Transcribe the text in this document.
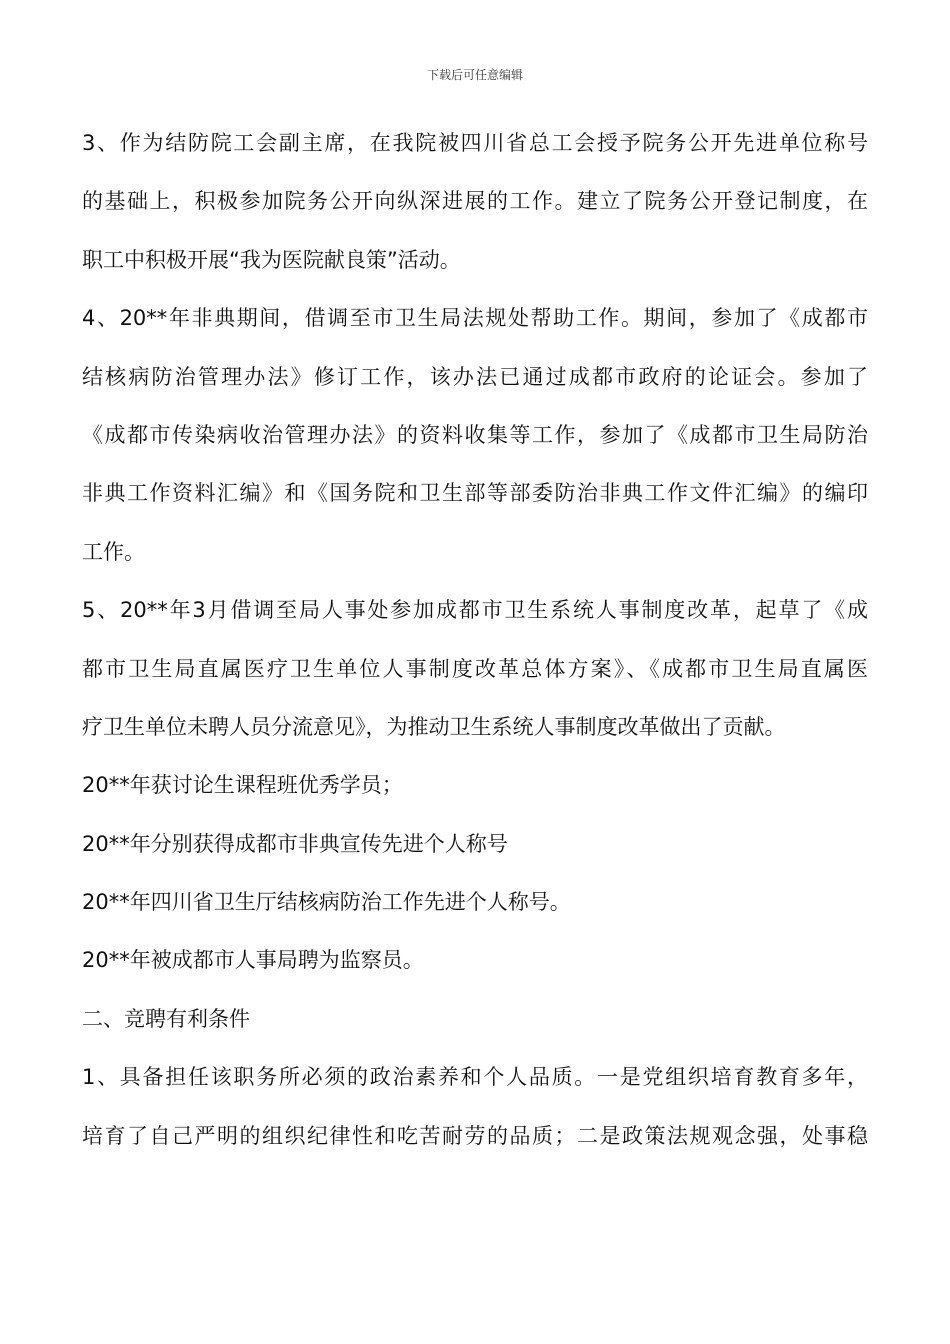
下载后可任意编辑
3、作为结防院工会副主席，在我院被四川省总工会授予院务公开先进单位称号
的基础上，积极参加院务公开向纵深进展的工作。建立了院务公开登记制度，在
职工中积极开展“我为医院献良策”活动。
4、20**年非典期间，借调至市卫生局法规处帮助工作。期间，参加了《成都市
结核病防治管理办法》修订工作，该办法已通过成都市政府的论证会。参加了
《成都市传染病收治管理办法》的资料收集等工作，参加了《成都市卫生局防治
非典工作资料汇编》和《国务院和卫生部等部委防治非典工作文件汇编》的编印
工作。
5、20**年3月借调至局人事处参加成都市卫生系统人事制度改革，起草了《成
都市卫生局直属医疗卫生单位人事制度改革总体方案》、《成都市卫生局直属医
疗卫生单位未聘人员分流意见》，为推动卫生系统人事制度改革做出了贡献。
20**年获讨论生课程班优秀学员；
20**年分别获得成都市非典宣传先进个人称号
20**年四川省卫生厅结核病防治工作先进个人称号。
20**年被成都市人事局聘为监察员。
二、竞聘有利条件
1、具备担任该职务所必须的政治素养和个人品质。一是党组织培育教育多年，
培育了自己严明的组织纪律性和吃苦耐劳的品质；二是政策法规观念强，处事稳
